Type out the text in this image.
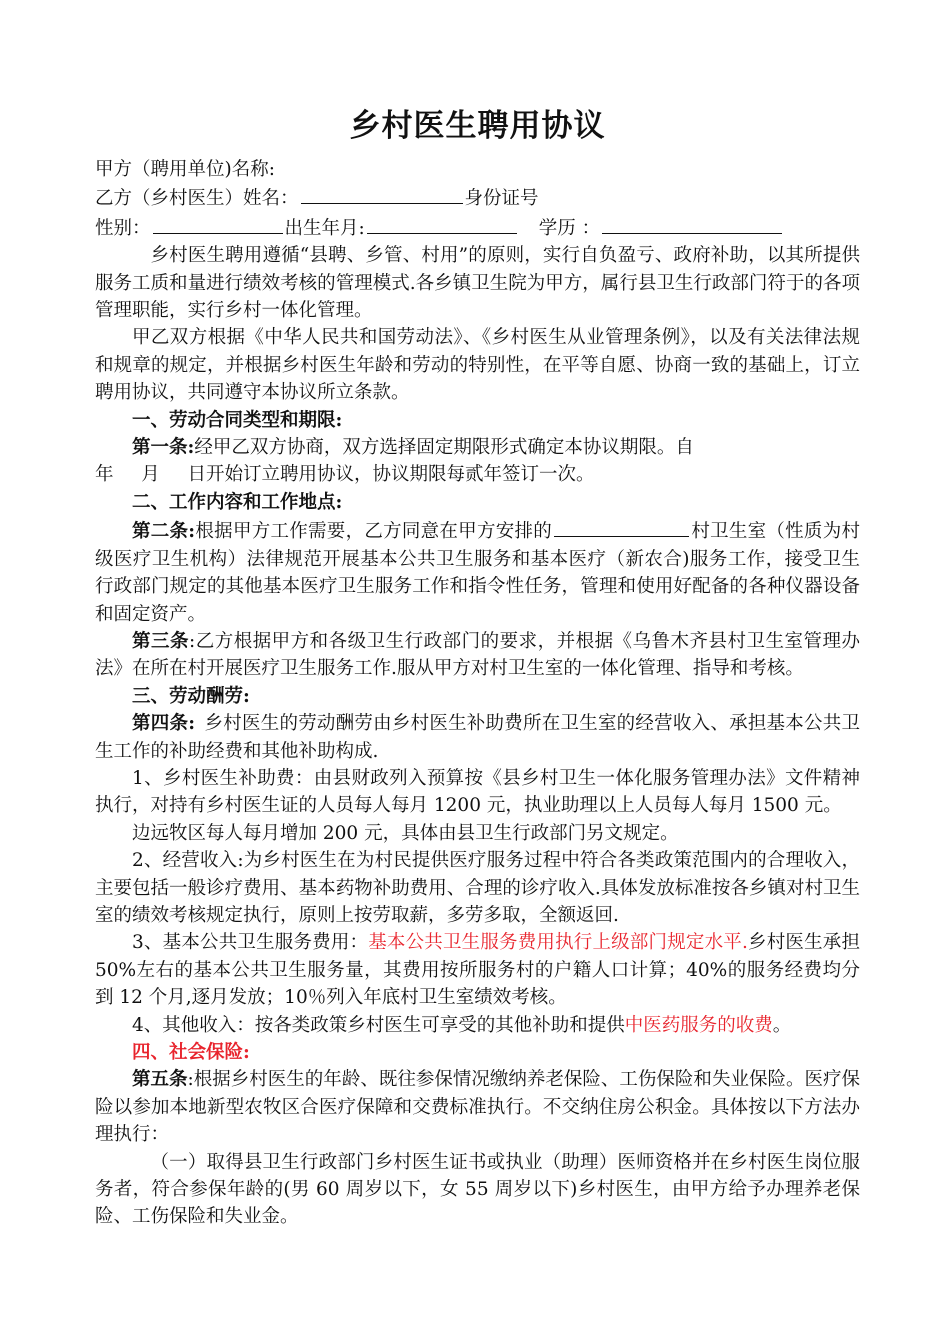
乡村医生聘用协议

甲方（聘用单位)名称:

乙方（乡村医生）姓名：	身份证号

性别：	出生年月:	学历 ：

乡村医生聘用遵循“县聘、乡管、村用”的原则，实行自负盈亏、政府补助，以其所提供服务工质和量进行绩效考核的管理模式.各乡镇卫生院为甲方，属行县卫生行政部门符于的各项管理职能，实行乡村一体化管理。

甲乙双方根据《中华人民共和国劳动法》、《乡村医生从业管理条例》，以及有关法律法规和规章的规定，并根据乡村医生年龄和劳动的特别性，在平等自愿、协商一致的基础上，订立聘用协议，共同遵守本协议所立条款。

一、劳动合同类型和期限:

第一条:经甲乙双方协商，双方选择固定期限形式确定本协议期限。自
年   月   日开始订立聘用协议，协议期限每贰年签订一次。

二、工作内容和工作地点:

第二条:根据甲方工作需要，乙方同意在甲方安排的	村卫生室（性质为村级医疗卫生机构）法律规范开展基本公共卫生服务和基本医疗（新农合)服务工作，接受卫生行政部门规定的其他基本医疗卫生服务工作和指令性任务，管理和使用好配备的各种仪器设备和固定资产。

第三条:乙方根据甲方和各级卫生行政部门的要求，并根据《乌鲁木齐县村卫生室管理办法》在所在村开展医疗卫生服务工作.服从甲方对村卫生室的一体化管理、指导和考核。

三、劳动酬劳:

第四条:  乡村医生的劳动酬劳由乡村医生补助费所在卫生室的经营收入、承担基本公共卫生工作的补助经费和其他补助构成.

1、乡村医生补助费：由县财政列入预算按《县乡村卫生一体化服务管理办法》文件精神执行，对持有乡村医生证的人员每人每月 1200 元，执业助理以上人员每人每月 1500 元。

边远牧区每人每月增加 200 元，具体由县卫生行政部门另文规定。

2、经营收入:为乡村医生在为村民提供医疗服务过程中符合各类政策范围内的合理收入，主要包括一般诊疗费用、基本药物补助费用、合理的诊疗收入.具体发放标准按各乡镇对村卫生室的绩效考核规定执行，原则上按劳取薪，多劳多取，全额返回.

3、基本公共卫生服务费用：基本公共卫生服务费用执行上级部门规定水平.乡村医生承担 50%左右的基本公共卫生服务量，其费用按所服务村的户籍人口计算；40%的服务经费均分到 12 个月,逐月发放；10％列入年底村卫生室绩效考核。

4、其他收入：按各类政策乡村医生可享受的其他补助和提供中医药服务的收费。

四、社会保险:

第五条:根据乡村医生的年龄、既往参保情况缴纳养老保险、工伤保险和失业保险。医疗保险以参加本地新型农牧区合医疗保障和交费标准执行。不交纳住房公积金。具体按以下方法办理执行：

（一）取得县卫生行政部门乡村医生证书或执业（助理）医师资格并在乡村医生岗位服务者，符合参保年龄的(男 60 周岁以下，女 55 周岁以下)乡村医生，由甲方给予办理养老保险、工伤保险和失业金。
